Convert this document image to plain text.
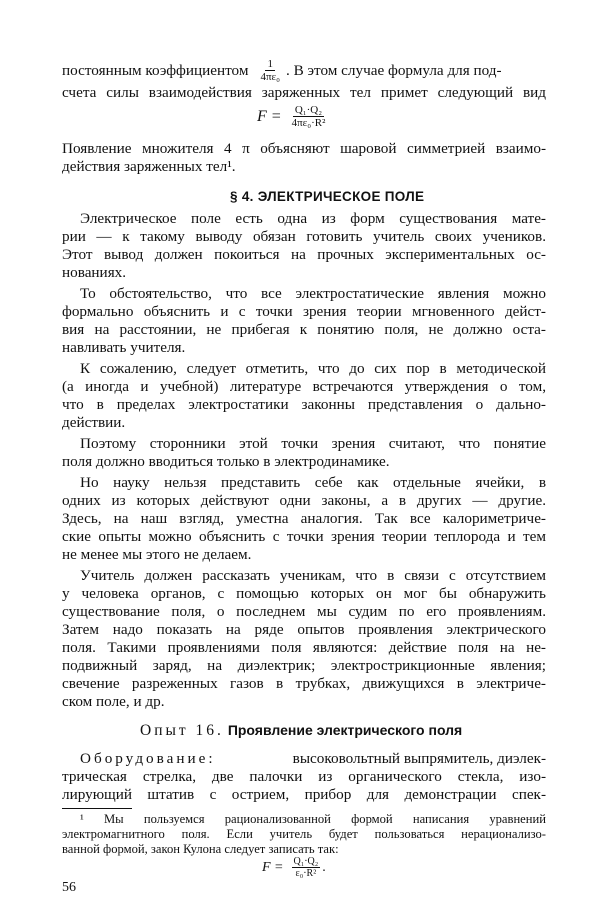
постоянным коэффициентом $\frac{1}{\text{4πε₀}}$ . В этом случае формула для под-
счета силы взаимодействия заряженных тел примет следующий вид
$F = \frac{\text{Q₁·Q₂}}{\text{4πε₀·R²}}$
Появление множителя 4 π объясняют шаровой симметрией взаимо-
действия заряженных тел¹.
§ 4. ЭЛЕКТРИЧЕСКОЕ ПОЛЕ
Электрическое поле есть одна из форм существования мате-
рии — к такому выводу обязан готовить учитель своих учеников.
Этот вывод должен покоиться на прочных экспериментальных ос-
нованиях.
То обстоятельство, что все электростатические явления можно
формально объяснить и с точки зрения теории мгновенного дейст-
вия на расстоянии, не прибегая к понятию поля, не должно оста-
навливать учителя.
К сожалению, следует отметить, что до сих пор в методической
(а иногда и учебной) литературе встречаются утверждения о том,
что в пределах электростатики законны представления о дально-
действии.
Поэтому сторонники этой точки зрения считают, что понятие
поля должно вводиться только в электродинамике.
Но науку нельзя представить себе как отдельные ячейки, в
одних из которых действуют одни законы, а в других — другие.
Здесь, на наш взгляд, уместна аналогия. Так все калориметриче-
ские опыты можно объяснить с точки зрения теории теплорода и тем
не менее мы этого не делаем.
Учитель должен рассказать ученикам, что в связи с отсутствием
у человека органов, с помощью которых он мог бы обнаружить
существование поля, о последнем мы судим по его проявлениям.
Затем надо показать на ряде опытов проявления электрического
поля. Такими проявлениями поля являются: действие поля на не-
подвижный заряд, на диэлектрик; электрострикционные явления;
свечение разреженных газов в трубках, движущихся в электриче-
ском поле, и др.
Опыт 16. Проявление электрического поля
Оборудование:	высоковольтный выпрямитель, диэлек-
трическая стрелка, две палочки из органического стекла, изо-
лирующий штатив с острием, прибор для демонстрации спек-
¹ Мы пользуемся рационализованной формой написания уравнений
электромагнитного поля. Если учитель будет пользоваться нерационализо-
ванной формой, закон Кулона следует записать так:
$F = \frac{\text{Q₁·Q₂}}{\text{ε₀·R²}}$ .
56
